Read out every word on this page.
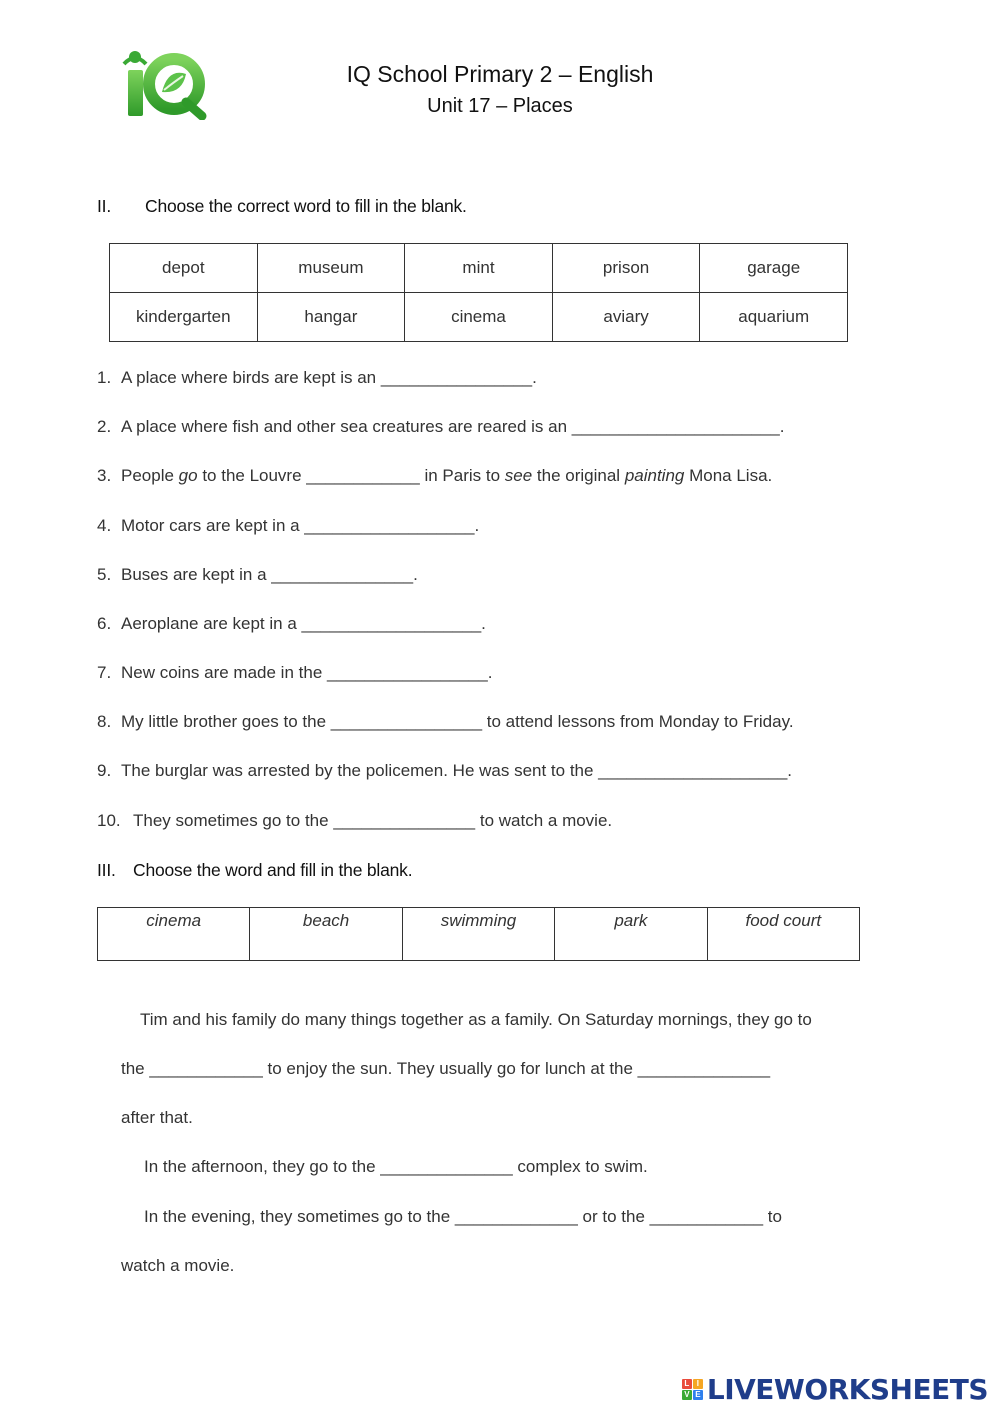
IQ School Primary 2 – English
Unit 17 – Places
II. Choose the correct word to fill in the blank.
depot	museum	mint	prison	garage
kindergarten	hangar	cinema	aviary	aquarium
1. A place where birds are kept is an ________________.
2. A place where fish and other sea creatures are reared is an ______________________.
3. People go to the Louvre ____________ in Paris to see the original painting Mona Lisa.
4. Motor cars are kept in a __________________.
5. Buses are kept in a _______________.
6. Aeroplane are kept in a ___________________.
7. New coins are made in the _________________.
8. My little brother goes to the ________________ to attend lessons from Monday to Friday.
9. The burglar was arrested by the policemen. He was sent to the ____________________.
10. They sometimes go to the _______________ to watch a movie.
III. Choose the word and fill in the blank.
cinema	beach	swimming	park	food court
Tim and his family do many things together as a family. On Saturday mornings, they go to
the ____________ to enjoy the sun. They usually go for lunch at the ______________
after that.
In the afternoon, they go to the ______________ complex to swim.
In the evening, they sometimes go to the _____________ or to the ____________ to
watch a movie.
L I
V E LIVEWORKSHEETS
